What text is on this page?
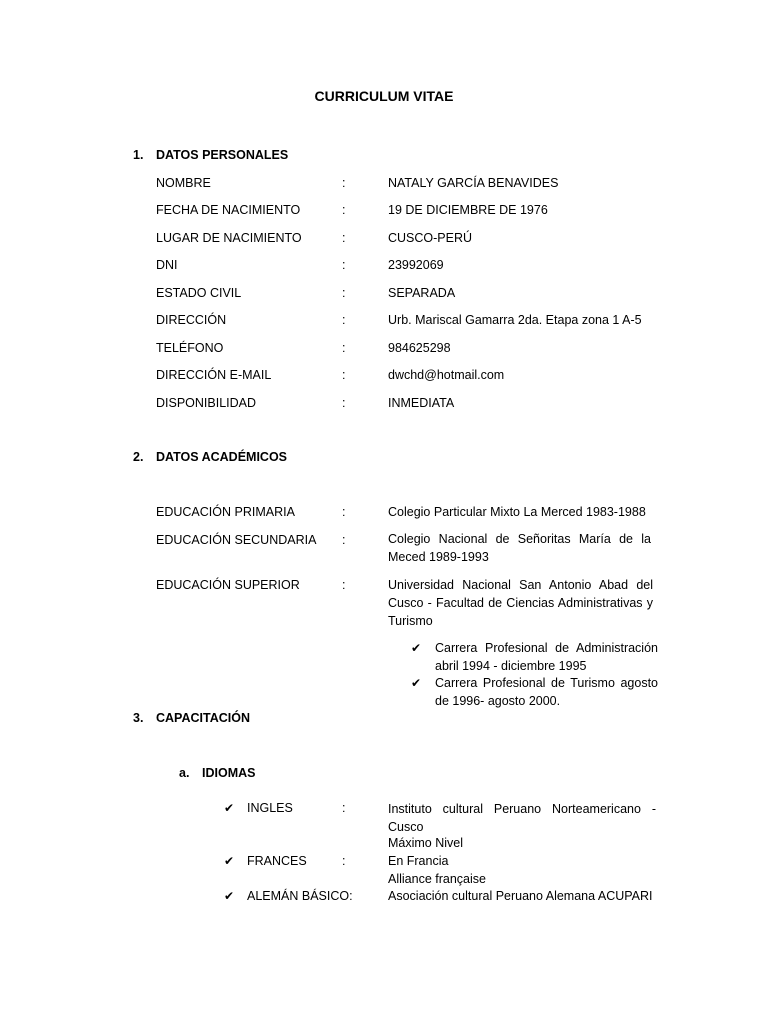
CURRICULUM VITAE
1. DATOS PERSONALES
NOMBRE	:	NATALY GARCÍA BENAVIDES
FECHA DE NACIMIENTO	:	19 DE DICIEMBRE DE 1976
LUGAR DE NACIMIENTO	:	CUSCO-PERÚ
DNI	:	23992069
ESTADO CIVIL	:	SEPARADA
DIRECCIÓN	:	Urb. Mariscal Gamarra 2da. Etapa zona 1 A-5
TELÉFONO	:	984625298
DIRECCIÓN E-MAIL	:	dwchd@hotmail.com
DISPONIBILIDAD	:	INMEDIATA
2. DATOS ACADÉMICOS
EDUCACIÓN PRIMARIA	:	Colegio Particular Mixto La Merced 1983-1988
EDUCACIÓN SECUNDARIA :	Colegio Nacional de Señoritas María de la Meced 1989-1993
EDUCACIÓN SUPERIOR	:	Universidad Nacional San Antonio Abad del Cusco - Facultad de Ciencias Administrativas y Turismo
✔ Carrera Profesional de Administración abril 1994 - diciembre 1995
✔ Carrera Profesional de Turismo agosto de 1996- agosto 2000.
3. CAPACITACIÓN
a. IDIOMAS
✔ INGLES	:	Instituto cultural Peruano Norteamericano - Cusco
Máximo Nivel
✔ FRANCES	:	En Francia
Alliance française
✔ ALEMÁN BÁSICO:	Asociación cultural Peruano Alemana ACUPARI
